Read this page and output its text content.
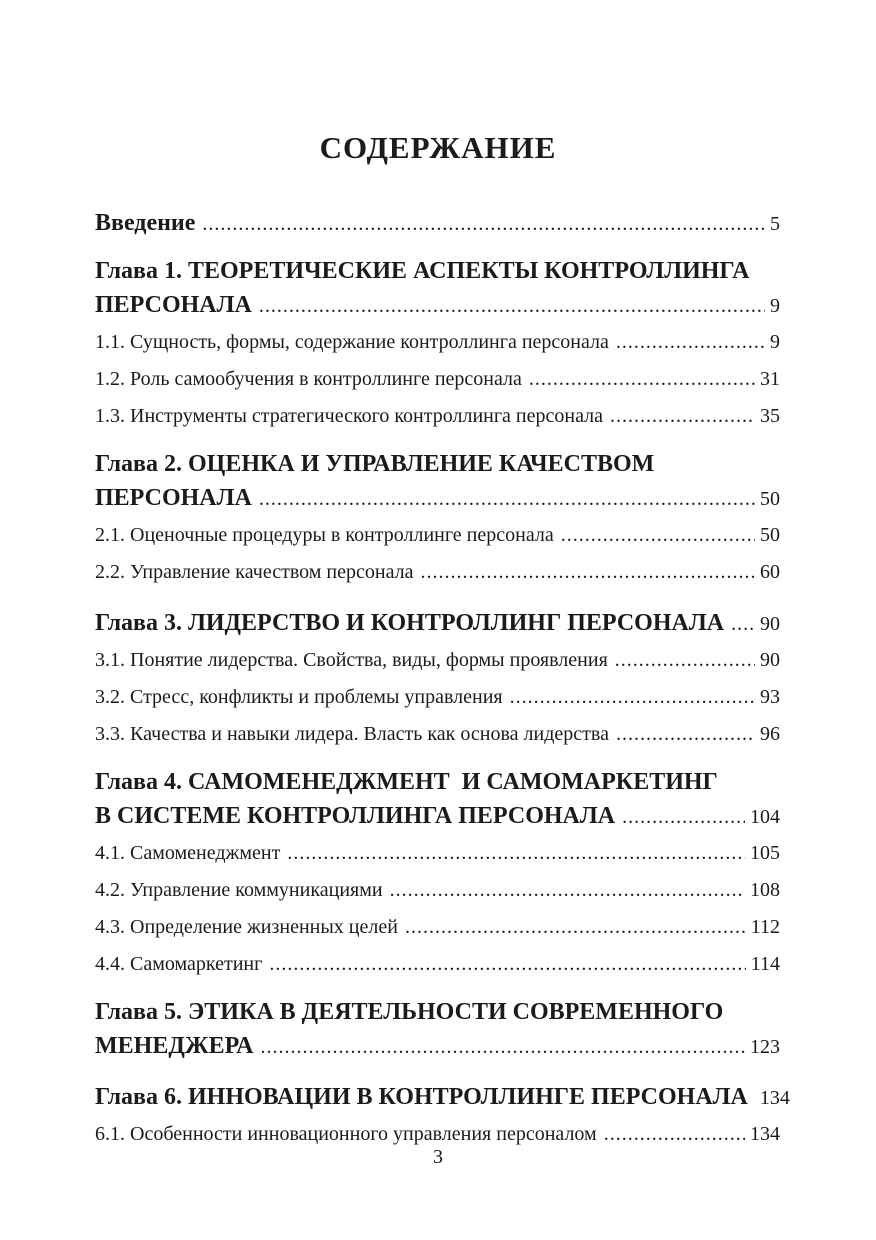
СОДЕРЖАНИЕ
Введение .....	5
Глава 1. ТЕОРЕТИЧЕСКИЕ АСПЕКТЫ КОНТРОЛЛИНГА
ПЕРСОНАЛА .....	9
1.1. Сущность, формы, содержание контроллинга персонала .....	9
1.2. Роль самообучения в контроллинге персонала .....	31
1.3. Инструменты стратегического контроллинга персонала .....	35
Глава 2. ОЦЕНКА И УПРАВЛЕНИЕ КАЧЕСТВОМ
ПЕРСОНАЛА .....	50
2.1. Оценочные процедуры в контроллинге персонала .....	50
2.2. Управление качеством персонала .....	60
Глава 3. ЛИДЕРСТВО И КОНТРОЛЛИНГ ПЕРСОНАЛА ..... 90
3.1. Понятие лидерства. Свойства, виды, формы проявления .....	90
3.2. Стресс, конфликты и проблемы управления .....	93
3.3. Качества и навыки лидера. Власть как основа лидерства .....	96
Глава 4. САМОМЕНЕДЖМЕНТ  И САМОМАРКЕТИНГ
В СИСТЕМЕ КОНТРОЛЛИНГА ПЕРСОНАЛА .....	104
4.1. Самоменеджмент .....	105
4.2. Управление коммуникациями .....	108
4.3. Определение жизненных целей .....	112
4.4. Самомаркетинг .....	114
Глава 5. ЭТИКА В ДЕЯТЕЛЬНОСТИ СОВРЕМЕННОГО
МЕНЕДЖЕРА .....	123
Глава 6. ИННОВАЦИИ В КОНТРОЛЛИНГЕ ПЕРСОНАЛА 134
6.1. Особенности инновационного управления персоналом .....	134
3
